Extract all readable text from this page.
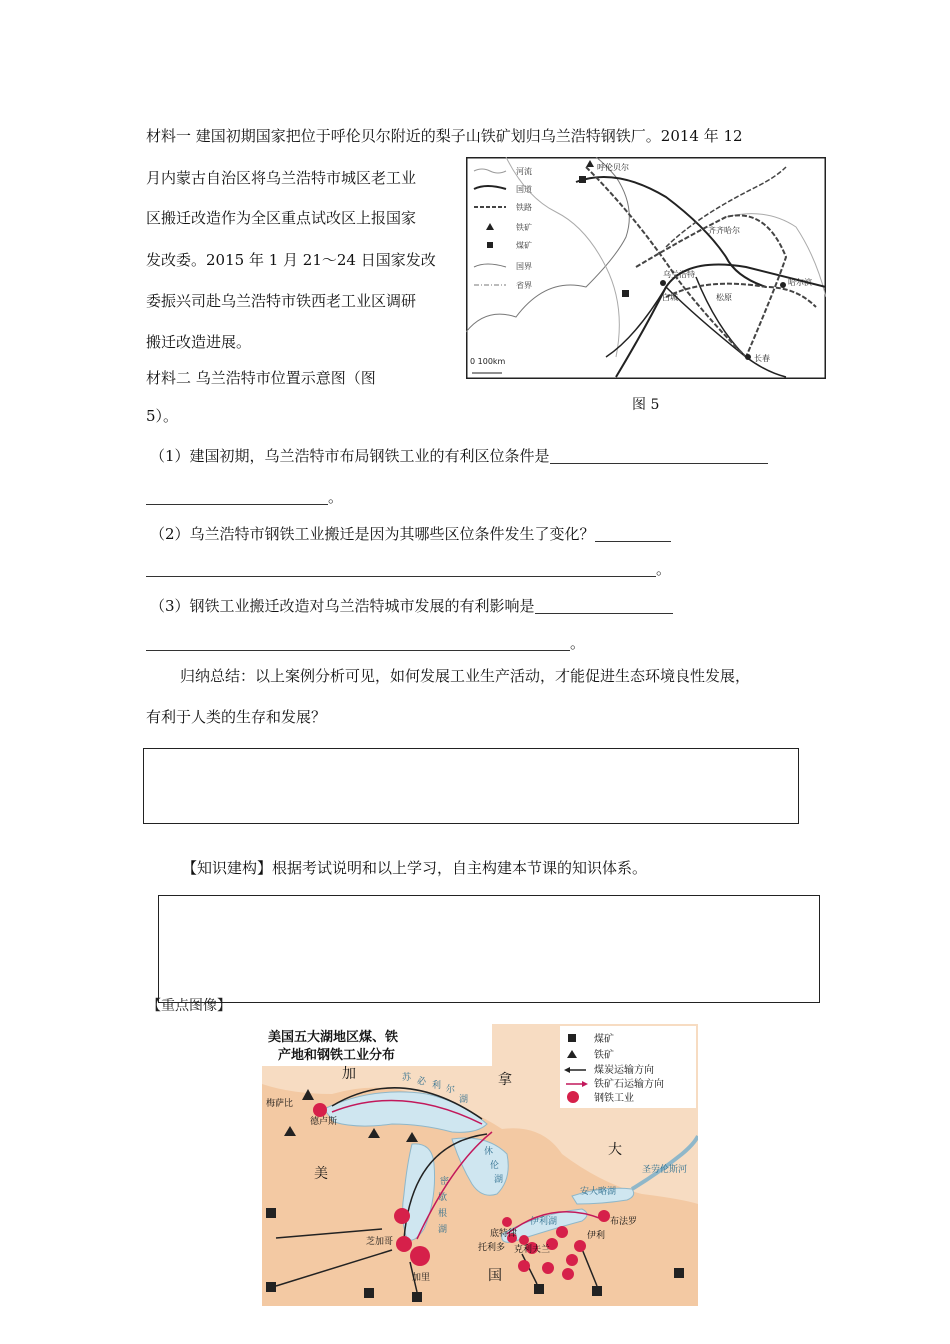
材料一 建国初期国家把位于呼伦贝尔附近的梨子山铁矿划归乌兰浩特钢铁厂。2014 年 12
月内蒙古自治区将乌兰浩特市城区老工业
区搬迁改造作为全区重点试改区上报国家
发改委。2015 年 1 月 21～24 日国家发改
委振兴司赴乌兰浩特市铁西老工业区调研
搬迁改造进展。
材料二 乌兰浩特市位置示意图（图
5）。
河流
国道
铁路
铁矿
煤矿
国界
省界
呼伦贝尔
齐齐哈尔
乌兰浩特
白城	松原
哈尔滨
长春
0 100km
图 5
（1）建国初期，乌兰浩特市布局钢铁工业的有利区位条件是
。
（2）乌兰浩特市钢铁工业搬迁是因为其哪些区位条件发生了变化？
。
（3）钢铁工业搬迁改造对乌兰浩特城市发展的有利影响是
。
归纳总结：以上案例分析可见，如何发展工业生产活动，才能促进生态环境良性发展，
有利于人类的生存和发展？
【知识建构】根据考试说明和以上学习，自主构建本节课的知识体系。
【重点图像】
美国五大湖地区煤、铁
产地和钢铁工业分布
煤矿
铁矿
煤炭运输方向
铁矿石运输方向
钢铁工业
加	拿
大
美
国
苏 必 利 尔
湖
密
歇
根
湖
休
伦
湖
安大略湖
伊利湖
圣劳伦斯河
梅萨比
德卢斯
芝加哥
加里
底特律
托利多 克利夫兰
伊利
布法罗
